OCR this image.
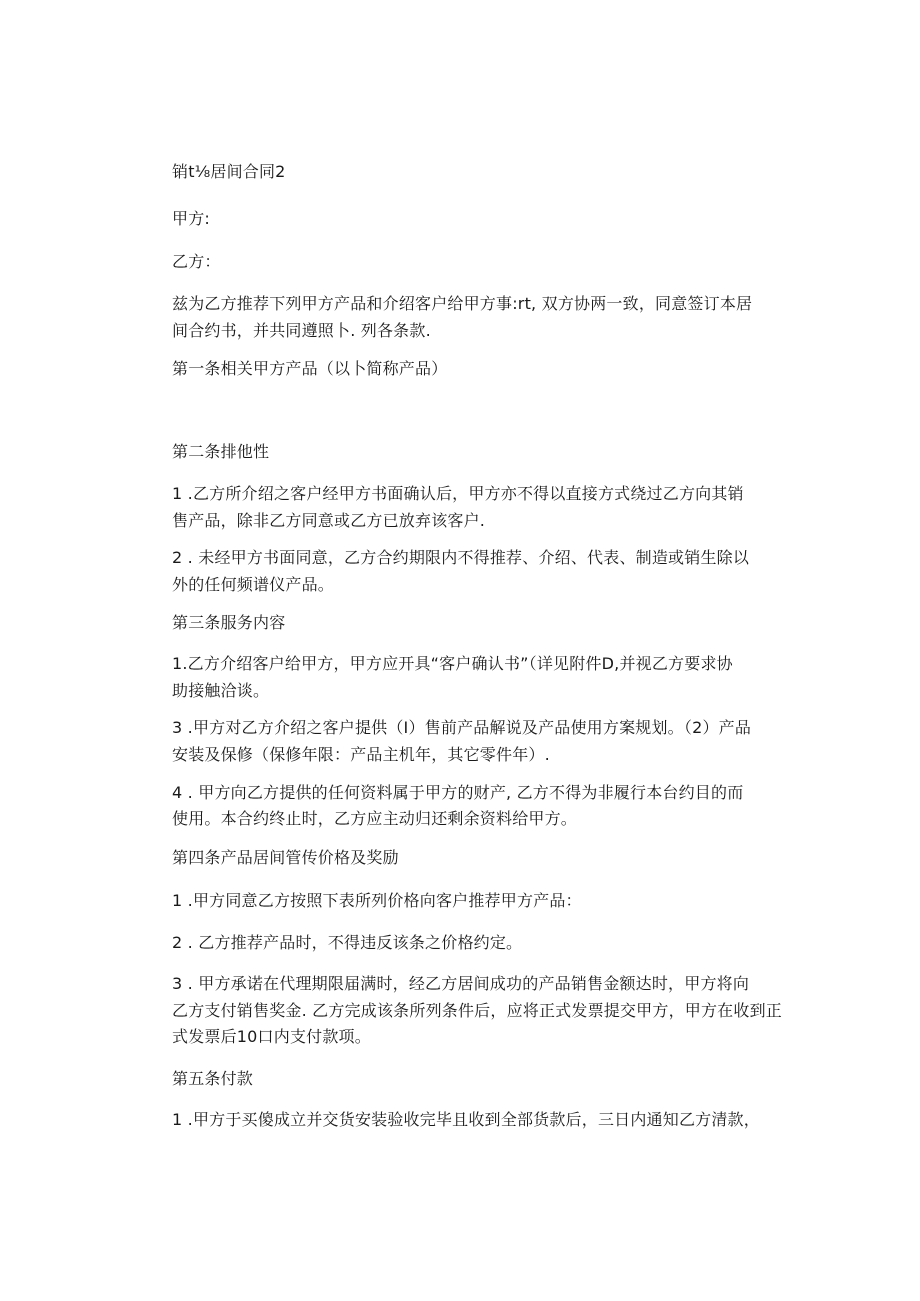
销t⅛居间合同2
甲方:
乙方：
兹为乙方推荐下列甲方产品和介绍客户给甲方事:rt, 双方协两一致，同意签订本居
间合约书，并共同遵照卜. 列各条款.
第一条相关甲方产品（以卜简称产品）
第二条排他性
1 .乙方所介绍之客户经甲方书面确认后，甲方亦不得以直接方式绕过乙方向其销
售产品，除非乙方同意或乙方已放弃该客户.
2 . 未经甲方书面同意，乙方合约期限内不得推荐、介绍、代表、制造或销生除以
外的任何频谱仪产品。
第三条服务内容
1.乙方介绍客户给甲方，甲方应开具“客户确认书”（详见附件D,并视乙方要求协
助接触洽谈。
3 .甲方对乙方介绍之客户提供（I）售前产品解说及产品使用方案规划。（2）产品
安装及保修（保修年限：产品主机年，其它零件年）.
4 . 甲方向乙方提供的任何资料属于甲方的财产, 乙方不得为非履行本台约目的而
使用。本合约终止时，乙方应主动归还剩余资料给甲方。
第四条产品居间管传价格及奖励
1 .甲方同意乙方按照下表所列价格向客户推荐甲方产品：
2 . 乙方推荐产品时，不得违反该条之价格约定。
3 . 甲方承诺在代理期限届满时，经乙方居间成功的产品销售金额达时，甲方将向
乙方支付销售奖金. 乙方完成该条所列条件后，应将正式发票提交甲方，甲方在收到正
式发票后10口内支付款项。
第五条付款
1 .甲方于买傻成立并交货安装验收完毕且收到全部货款后，三日内通知乙方清款，
